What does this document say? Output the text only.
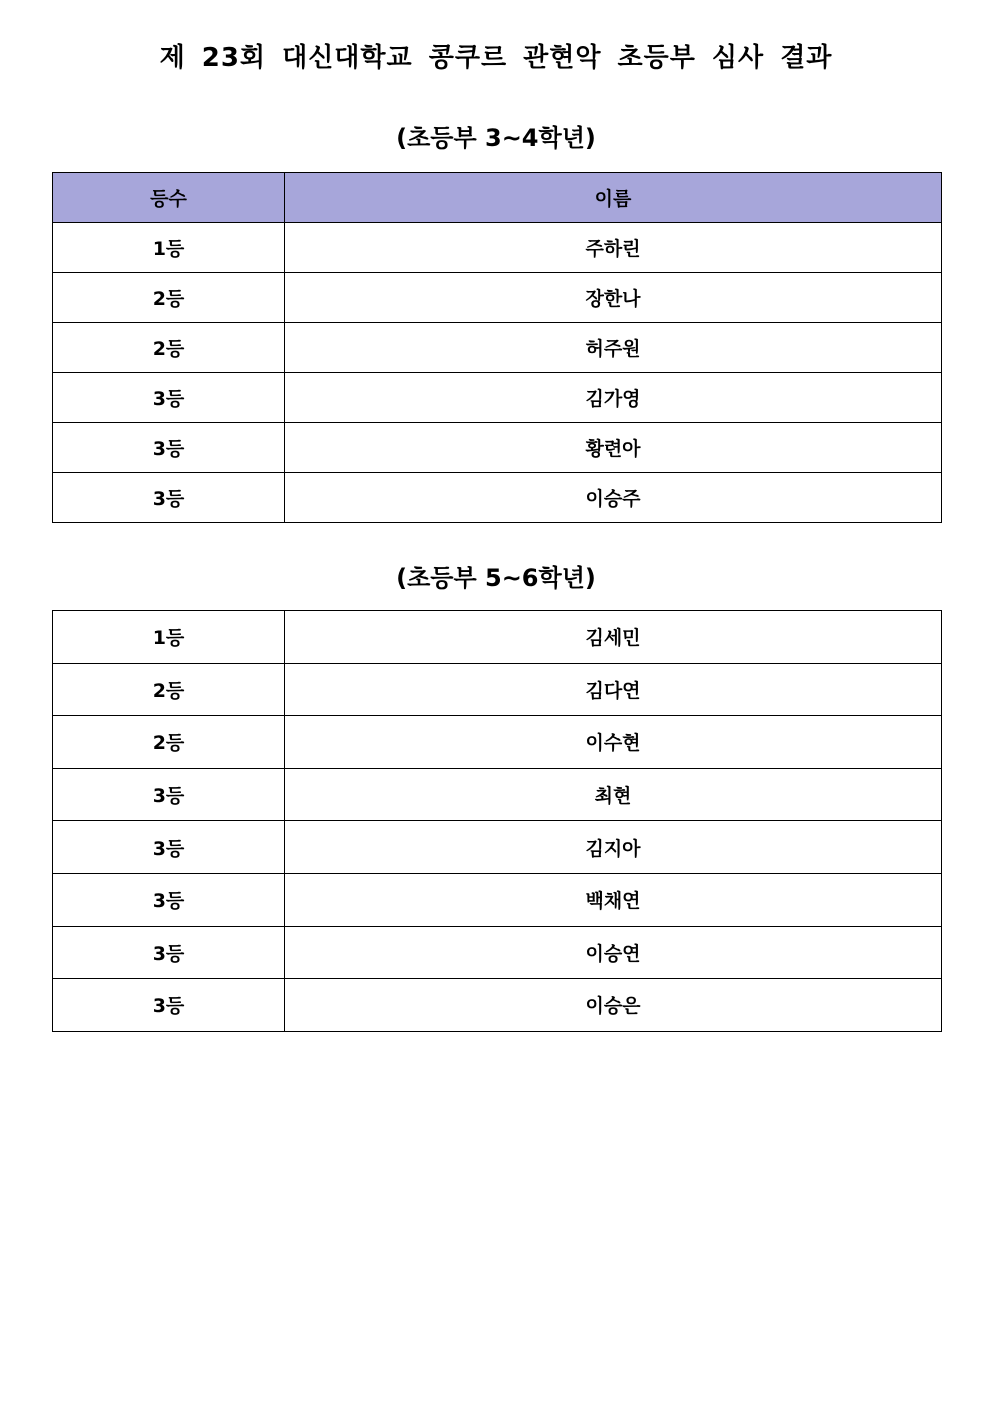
제 23회 대신대학교 콩쿠르 관현악 초등부 심사 결과
(초등부 3~4학년)
등수	이름
1등	주하린
2등	장한나
2등	허주원
3등	김가영
3등	황련아
3등	이승주
(초등부 5~6학년)
1등	김세민
2등	김다연
2등	이수현
3등	최현
3등	김지아
3등	백채연
3등	이승연
3등	이승은
